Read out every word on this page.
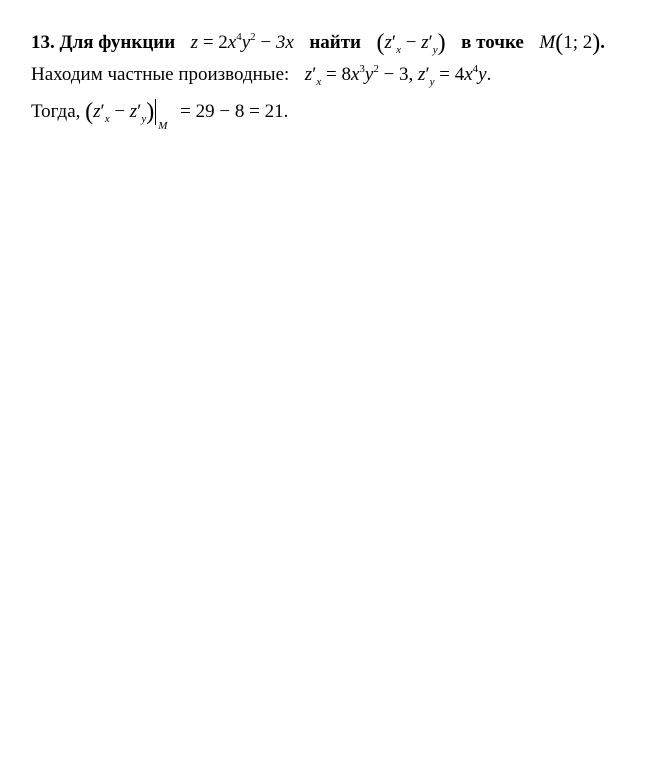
13. Для функции $z = 2x^4y^2 - 3x$ найти $(z'_x - z'_y)$ в точке M(1; 2).
Находим частные производные: $z'_x = 8x^3y^2 - 3$, $z'_y = 4x^4y$.
Тогда, $(z'_x - z'_y)M = 29 - 8 = 21$.
